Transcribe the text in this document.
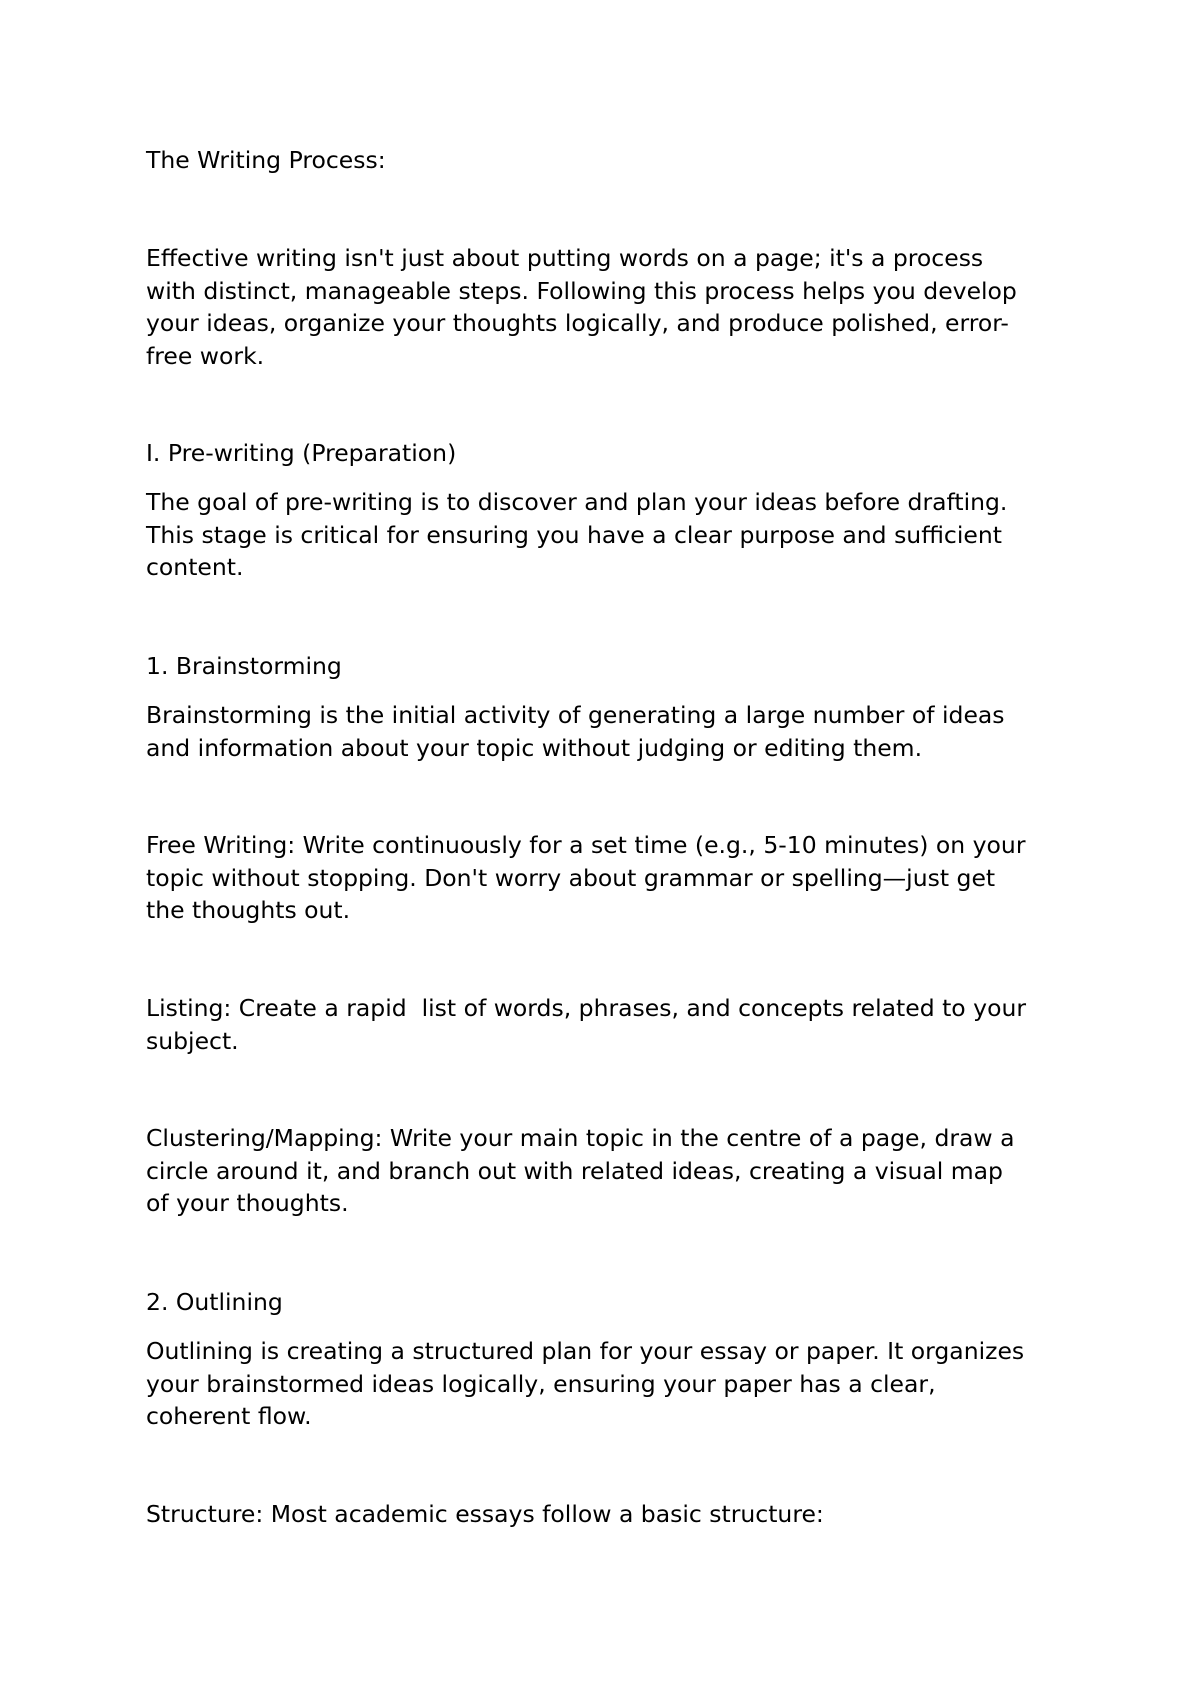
The Writing Process:

Effective writing isn't just about putting words on a page; it's a process
with distinct, manageable steps. Following this process helps you develop
your ideas, organize your thoughts logically, and produce polished, error-
free work.

I. Pre-writing (Preparation)

The goal of pre-writing is to discover and plan your ideas before drafting.
This stage is critical for ensuring you have a clear purpose and sufficient
content.

1. Brainstorming

Brainstorming is the initial activity of generating a large number of ideas
and information about your topic without judging or editing them.

Free Writing: Write continuously for a set time (e.g., 5-10 minutes) on your
topic without stopping. Don't worry about grammar or spelling—just get
the thoughts out.

Listing: Create a rapid  list of words, phrases, and concepts related to your
subject.

Clustering/Mapping: Write your main topic in the centre of a page, draw a
circle around it, and branch out with related ideas, creating a visual map
of your thoughts.

2. Outlining

Outlining is creating a structured plan for your essay or paper. It organizes
your brainstormed ideas logically, ensuring your paper has a clear,
coherent flow.

Structure: Most academic essays follow a basic structure:
